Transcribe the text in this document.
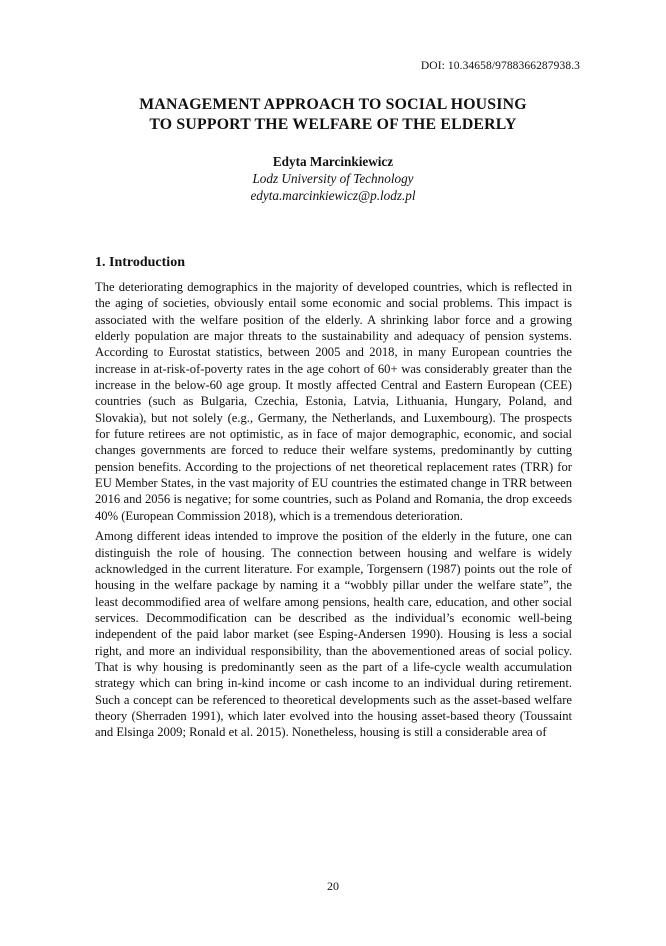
DOI: 10.34658/9788366287938.3
MANAGEMENT APPROACH TO SOCIAL HOUSING
TO SUPPORT THE WELFARE OF THE ELDERLY
Edyta Marcinkiewicz
Lodz University of Technology
edyta.marcinkiewicz@p.lodz.pl
1. Introduction

The deteriorating demographics in the majority of developed countries, which is reflected in the aging of societies, obviously entail some economic and social problems. This impact is associated with the welfare position of the elderly. A shrinking labor force and a growing elderly population are major threats to the sustainability and adequacy of pension systems. According to Eurostat statistics, between 2005 and 2018, in many European countries the increase in at-risk-of-poverty rates in the age cohort of 60+ was considerably greater than the increase in the below-60 age group. It mostly affected Central and Eastern European (CEE) countries (such as Bulgaria, Czechia, Estonia, Latvia, Lithuania, Hungary, Poland, and Slovakia), but not solely (e.g., Germany, the Netherlands, and Luxembourg). The prospects for future retirees are not optimistic, as in face of major demographic, economic, and social changes governments are forced to reduce their welfare systems, predominantly by cutting pension benefits. According to the projections of net theoretical replacement rates (TRR) for EU Member States, in the vast majority of EU countries the estimated change in TRR between 2016 and 2056 is negative; for some countries, such as Poland and Romania, the drop exceeds 40% (European Commission 2018), which is a tremendous deterioration.

Among different ideas intended to improve the position of the elderly in the future, one can distinguish the role of housing. The connection between housing and welfare is widely acknowledged in the current literature. For example, Torgensern (1987) points out the role of housing in the welfare package by naming it a “wobbly pillar under the welfare state”, the least decommodified area of welfare among pensions, health care, education, and other social services. Decommodification can be described as the individual’s economic well-being independent of the paid labor market (see Esping-Andersen 1990). Housing is less a social right, and more an individual responsibility, than the abovementioned areas of social policy. That is why housing is predominantly seen as the part of a life-cycle wealth accumulation strategy which can bring in-kind income or cash income to an individual during retirement. Such a concept can be referenced to theoretical developments such as the asset-based welfare theory (Sherraden 1991), which later evolved into the housing asset-based theory (Toussaint and Elsinga 2009; Ronald et al. 2015). Nonetheless, housing is still a considerable area of

20
